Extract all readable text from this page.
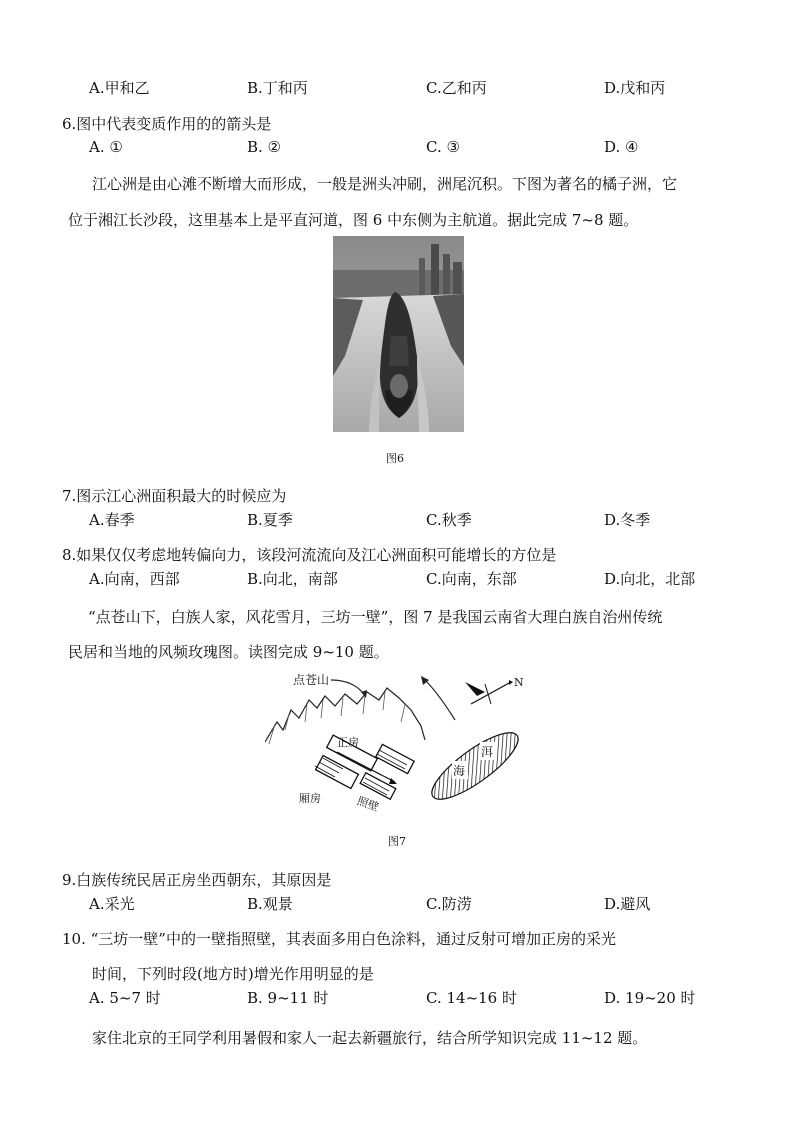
A.甲和乙	B.丁和丙	C.乙和丙	D.戊和丙
6.图中代表变质作用的的箭头是
A. ①	B. ②	C. ③	D. ④
江心洲是由心滩不断增大而形成，一般是洲头冲刷，洲尾沉积。下图为著名的橘子洲，它
位于湘江长沙段，这里基本上是平直河道，图 6 中东侧为主航道。据此完成 7~8 题。
图6
7.图示江心洲面积最大的时候应为
A.春季	B.夏季	C.秋季	D.冬季
8.如果仅仅考虑地转偏向力，该段河流流向及江心洲面积可能增长的方位是
A.向南，西部	B.向北，南部	C.向南，东部	D.向北，北部
“点苍山下，白族人家，风花雪月，三坊一壁”，图 7 是我国云南省大理白族自治州传统
民居和当地的风频玫瑰图。读图完成 9~10 题。
点苍山	N
正房
厢房	照壁
海
洱
图7
9.白族传统民居正房坐西朝东，其原因是
A.采光	B.观景	C.防涝	D.避风
10. “三坊一壁”中的一壁指照壁，其表面多用白色涂料，通过反射可增加正房的采光
时间，下列时段(地方时)增光作用明显的是
A. 5~7 时	B. 9~11 时	C. 14~16 时	D. 19~20 时
家住北京的王同学利用暑假和家人一起去新疆旅行，结合所学知识完成 11~12 题。
